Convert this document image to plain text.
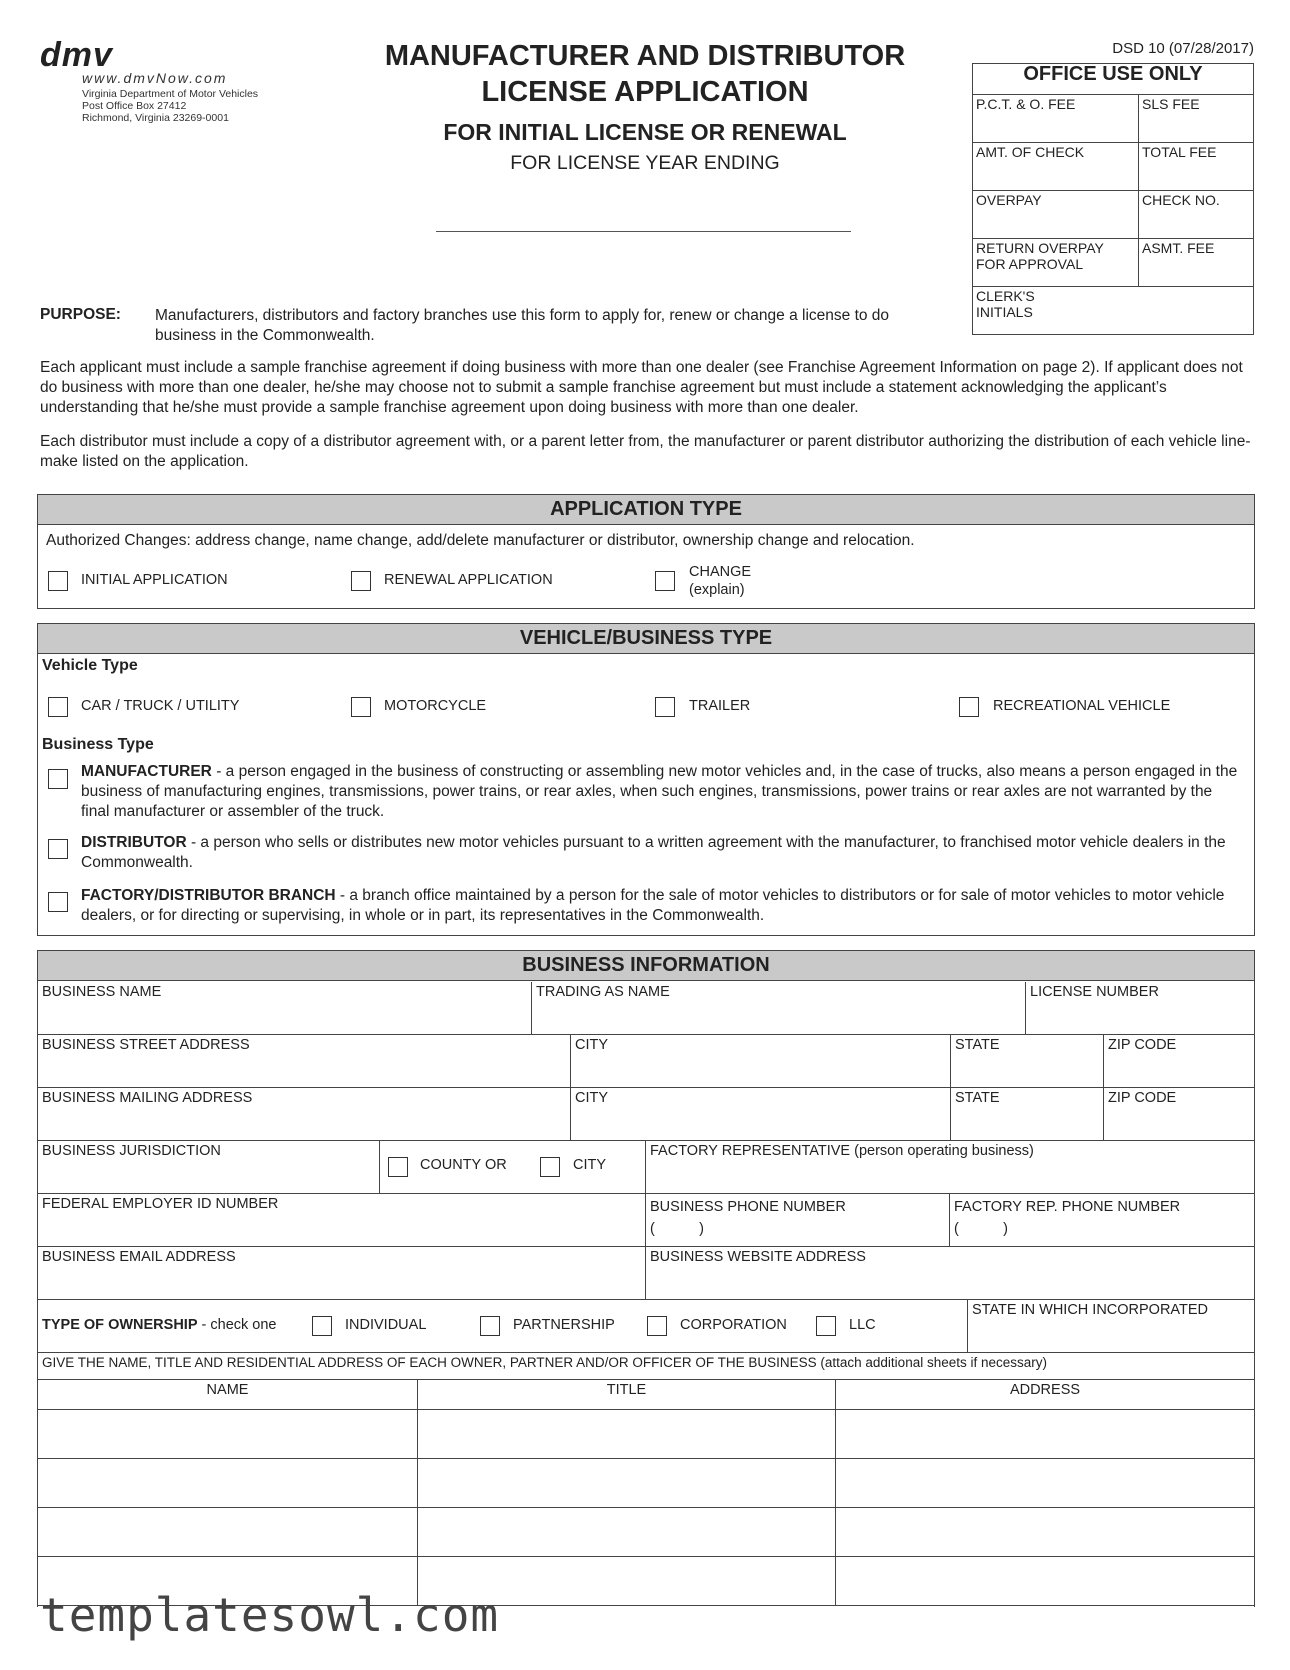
dmv
www.dmvNow.com
Virginia Department of Motor Vehicles
Post Office Box 27412
Richmond, Virginia 23269-0001
MANUFACTURER AND DISTRIBUTOR
LICENSE APPLICATION
FOR INITIAL LICENSE OR RENEWAL
FOR LICENSE YEAR ENDING
DSD 10 (07/28/2017)
OFFICE USE ONLY	
P.C.T. & O. FEE	SLS FEE
AMT. OF CHECK	TOTAL FEE
OVERPAY	CHECK NO.
RETURN OVERPAY FOR APPROVAL	ASMT. FEE

CLERK'S INITIALS	
PURPOSE: Manufacturers, distributors and factory branches use this form to apply for, renew or change a license to do business in the Commonwealth.
Each applicant must include a sample franchise agreement if doing business with more than one dealer (see Franchise Agreement Information on page 2). If applicant does not do business with more than one dealer, he/she may choose not to submit a sample franchise agreement but must include a statement acknowledging the applicant’s understanding that he/she must provide a sample franchise agreement upon doing business with more than one dealer.
Each distributor must include a copy of a distributor agreement with, or a parent letter from, the manufacturer or parent distributor authorizing the distribution of each vehicle line-make listed on the application.
APPLICATION TYPE
Authorized Changes: address change, name change, add/delete manufacturer or distributor, ownership change and relocation.
INITIAL APPLICATION	RENEWAL APPLICATION	CHANGE
(explain)
VEHICLE/BUSINESS TYPE
Vehicle Type
CAR / TRUCK / UTILITY	MOTORCYCLE	TRAILER	RECREATIONAL VEHICLE
Business Type
MANUFACTURER - a person engaged in the business of constructing or assembling new motor vehicles and, in the case of trucks, also means a person engaged in the business of manufacturing engines, transmissions, power trains, or rear axles, when such engines, transmissions, power trains or rear axles are not warranted by the final manufacturer or assembler of the truck.
DISTRIBUTOR - a person who sells or distributes new motor vehicles pursuant to a written agreement with the manufacturer, to franchised motor vehicle dealers in the Commonwealth.
FACTORY/DISTRIBUTOR BRANCH - a branch office maintained by a person for the sale of motor vehicles to distributors or for sale of motor vehicles to motor vehicle dealers, or for directing or supervising, in whole or in part, its representatives in the Commonwealth.
BUSINESS INFORMATION
BUSINESS NAME	TRADING AS NAME	LICENSE NUMBER
BUSINESS STREET ADDRESS	CITY	STATE	ZIP CODE
BUSINESS MAILING ADDRESS	CITY	STATE	ZIP CODE
BUSINESS JURISDICTION
COUNTY OR	CITY
FACTORY REPRESENTATIVE (person operating business)
FEDERAL EMPLOYER ID NUMBER	BUSINESS PHONE NUMBER
(           )
FACTORY REP. PHONE NUMBER
(           )
BUSINESS EMAIL ADDRESS	BUSINESS WEBSITE ADDRESS
TYPE OF OWNERSHIP - check one	INDIVIDUAL	PARTNERSHIP	CORPORATION	LLC
STATE IN WHICH INCORPORATED
GIVE THE NAME, TITLE AND RESIDENTIAL ADDRESS OF EACH OWNER, PARTNER AND/OR OFFICER OF THE BUSINESS (attach additional sheets if necessary)
NAME	TITLE	ADDRESS
templatesowl.com
